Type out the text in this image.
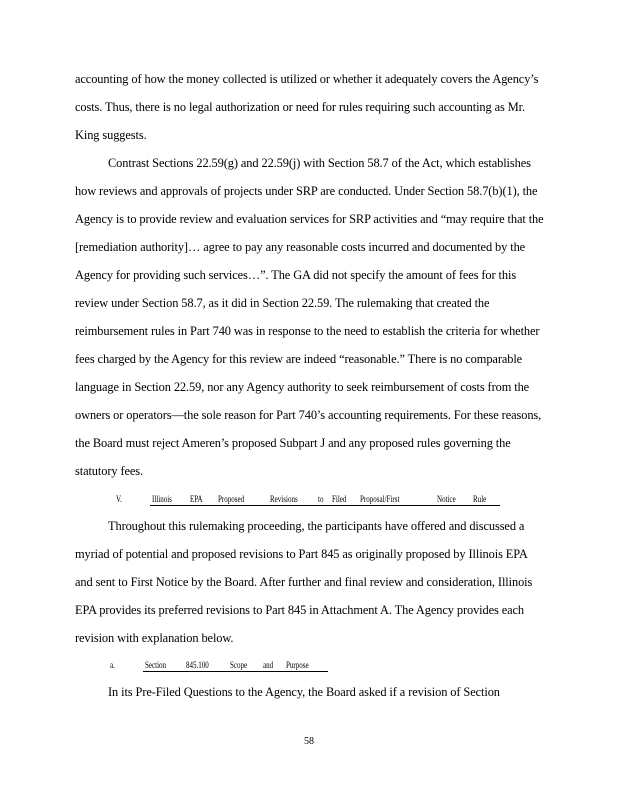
accounting of how the money collected is utilized or whether it adequately covers the Agency’s
costs. Thus, there is no legal authorization or need for rules requiring such accounting as Mr.
King suggests.
Contrast Sections 22.59(g) and 22.59(j) with Section 58.7 of the Act, which establishes
how reviews and approvals of projects under SRP are conducted. Under Section 58.7(b)(1), the
Agency is to provide review and evaluation services for SRP activities and “may require that the
[remediation authority]… agree to pay any reasonable costs incurred and documented by the
Agency for providing such services…”. The GA did not specify the amount of fees for this
review under Section 58.7, as it did in Section 22.59. The rulemaking that created the
reimbursement rules in Part 740 was in response to the need to establish the criteria for whether
fees charged by the Agency for this review are indeed “reasonable.” There is no comparable
language in Section 22.59, nor any Agency authority to seek reimbursement of costs from the
owners or operators—the sole reason for Part 740’s accounting requirements. For these reasons,
the Board must reject Ameren’s proposed Subpart J and any proposed rules governing the
statutory fees.
V.	Illinois EPA Proposed	Revisions to Filed Proposal/First	Notice Rule
Throughout this rulemaking proceeding, the participants have offered and discussed a
myriad of potential and proposed revisions to Part 845 as originally proposed by Illinois EPA
and sent to First Notice by the Board. After further and final review and consideration, Illinois
EPA provides its preferred revisions to Part 845 in Attachment A. The Agency provides each
revision with explanation below.
a.	Section 845.100 Scope and Purpose
In its Pre-Filed Questions to the Agency, the Board asked if a revision of Section
58
